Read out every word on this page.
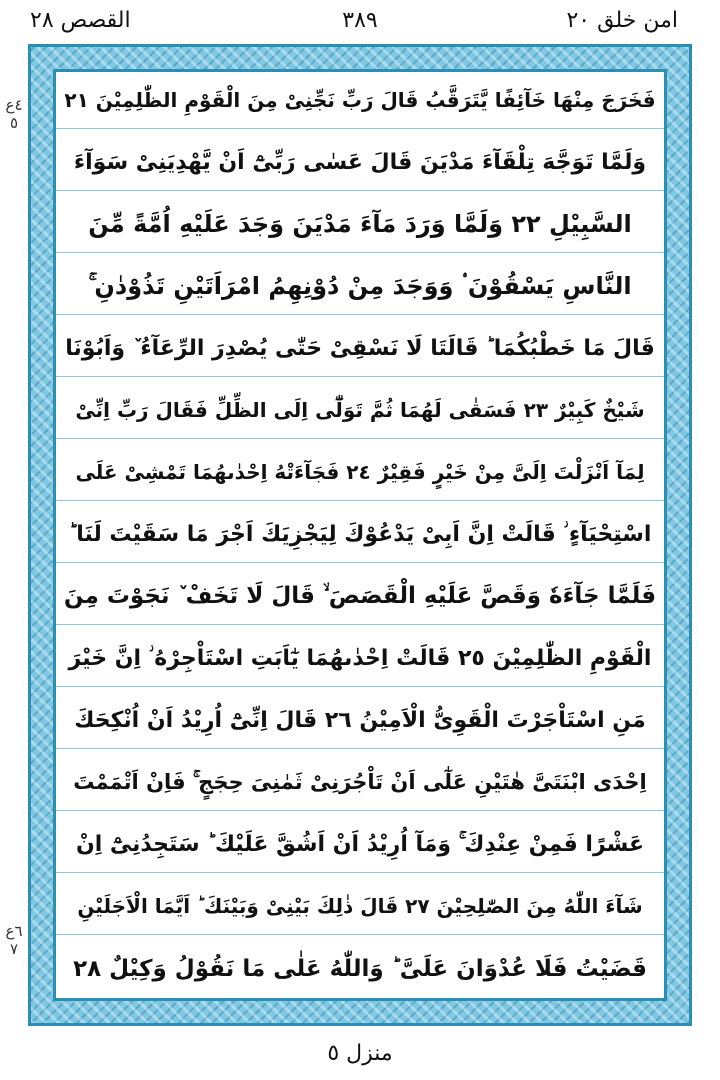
امن خلق ٢٠
٣٨٩
القصص ٢٨
٤ع ٥
٦ع ٧
فَخَرَجَ مِنْهَا خَآئِفًا يَّتَرَقَّبُ قَالَ رَبِّ نَجِّنِىْ مِنَ الْقَوْمِ الظّٰلِمِيْنَ ٢١
وَلَمَّا تَوَجَّهَ تِلْقَآءَ مَدْيَنَ قَالَ عَسٰى رَبِّىْٓ اَنْ يَّهْدِيَنِىْ سَوَآءَ
السَّبِيْلِ ٢٢ وَلَمَّا وَرَدَ مَآءَ مَدْيَنَ وَجَدَ عَلَيْهِ اُمَّةً مِّنَ
النَّاسِ يَسْقُوْنَ ۟ وَوَجَدَ مِنْ دُوْنِهِمُ امْرَاَتَيْنِ تَذُوْدٰنِ ۚ
قَالَ مَا خَطْبُكُمَا ؕ قَالَتَا لَا نَسْقِىْ حَتّٰى يُصْدِرَ الرِّعَآءُ ٚ وَاَبُوْنَا
شَيْخٌ كَبِيْرٌ ٢٣ فَسَقٰى لَهُمَا ثُمَّ تَوَلّٰٓى اِلَى الظِّلِّ فَقَالَ رَبِّ اِنِّىْ
لِمَآ اَنْزَلْتَ اِلَىَّ مِنْ خَيْرٍ فَقِيْرٌ ٢٤ فَجَآءَتْهُ اِحْدٰىهُمَا تَمْشِىْ عَلَى
اسْتِحْيَآءٍ ؗ قَالَتْ اِنَّ اَبِىْ يَدْعُوْكَ لِيَجْزِيَكَ اَجْرَ مَا سَقَيْتَ لَنَا ؕ
فَلَمَّا جَآءَهٗ وَقَصَّ عَلَيْهِ الْقَصَصَ ۙ قَالَ لَا تَخَفْ ٚ نَجَوْتَ مِنَ
الْقَوْمِ الظّٰلِمِيْنَ ٢٥ قَالَتْ اِحْدٰىهُمَا يٰٓاَبَتِ اسْتَاْجِرْهُ ؗ اِنَّ خَيْرَ
مَنِ اسْتَاْجَرْتَ الْقَوِىُّ الْاَمِيْنُ ٢٦ قَالَ اِنِّىْٓ اُرِيْدُ اَنْ اُنْكِحَكَ
اِحْدَى ابْنَتَىَّ هٰتَيْنِ عَلٰٓى اَنْ تَاْجُرَنِىْ ثَمٰنِىَ حِجَجٍ ۚ فَاِنْ اَتْمَمْتَ
عَشْرًا فَمِنْ عِنْدِكَ ۚ وَمَآ اُرِيْدُ اَنْ اَشُقَّ عَلَيْكَ ؕ سَتَجِدُنِىْٓ اِنْ
شَآءَ اللّٰهُ مِنَ الصّٰلِحِيْنَ ٢٧ قَالَ ذٰلِكَ بَيْنِىْ وَبَيْنَكَ ؕ اَيَّمَا الْاَجَلَيْنِ
قَضَيْتُ فَلَا عُدْوَانَ عَلَىَّ ؕ وَاللّٰهُ عَلٰى مَا نَقُوْلُ وَكِيْلٌ ٢٨
منزل ٥
